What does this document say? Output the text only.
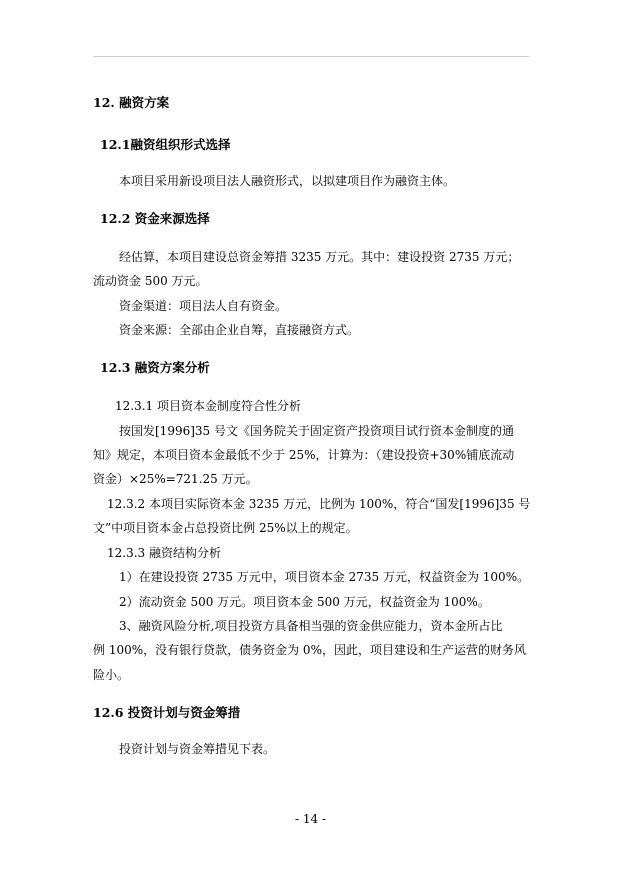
12. 融资方案
12.1融资组织形式选择
本项目采用新设项目法人融资形式，以拟建项目作为融资主体。
12.2 资金来源选择
经估算，本项目建设总资金筹措 3235 万元。其中：建设投资 2735 万元；
流动资金 500 万元。
资金渠道：项目法人自有资金。
资金来源：全部由企业自筹，直接融资方式。
12.3 融资方案分析
12.3.1 项目资本金制度符合性分析
按国发[1996]35 号文《国务院关于固定资产投资项目试行资本金制度的通
知》规定，本项目资本金最低不少于 25%，计算为：（建设投资+30%铺底流动
资金）×25%=721.25 万元。
12.3.2 本项目实际资本金 3235 万元，比例为 100%，符合“国发[1996]35 号
文”中项目资本金占总投资比例 25%以上的规定。
12.3.3 融资结构分析
1）在建设投资 2735 万元中，项目资本金 2735 万元，权益资金为 100%。
2）流动资金 500 万元。项目资本金 500 万元，权益资金为 100%。
3、融资风险分析,项目投资方具备相当强的资金供应能力，资本金所占比
例 100%，没有银行贷款，债务资金为 0%，因此，项目建设和生产运营的财务风
险小。
12.6 投资计划与资金筹措
投资计划与资金筹措见下表。
- 14 -
